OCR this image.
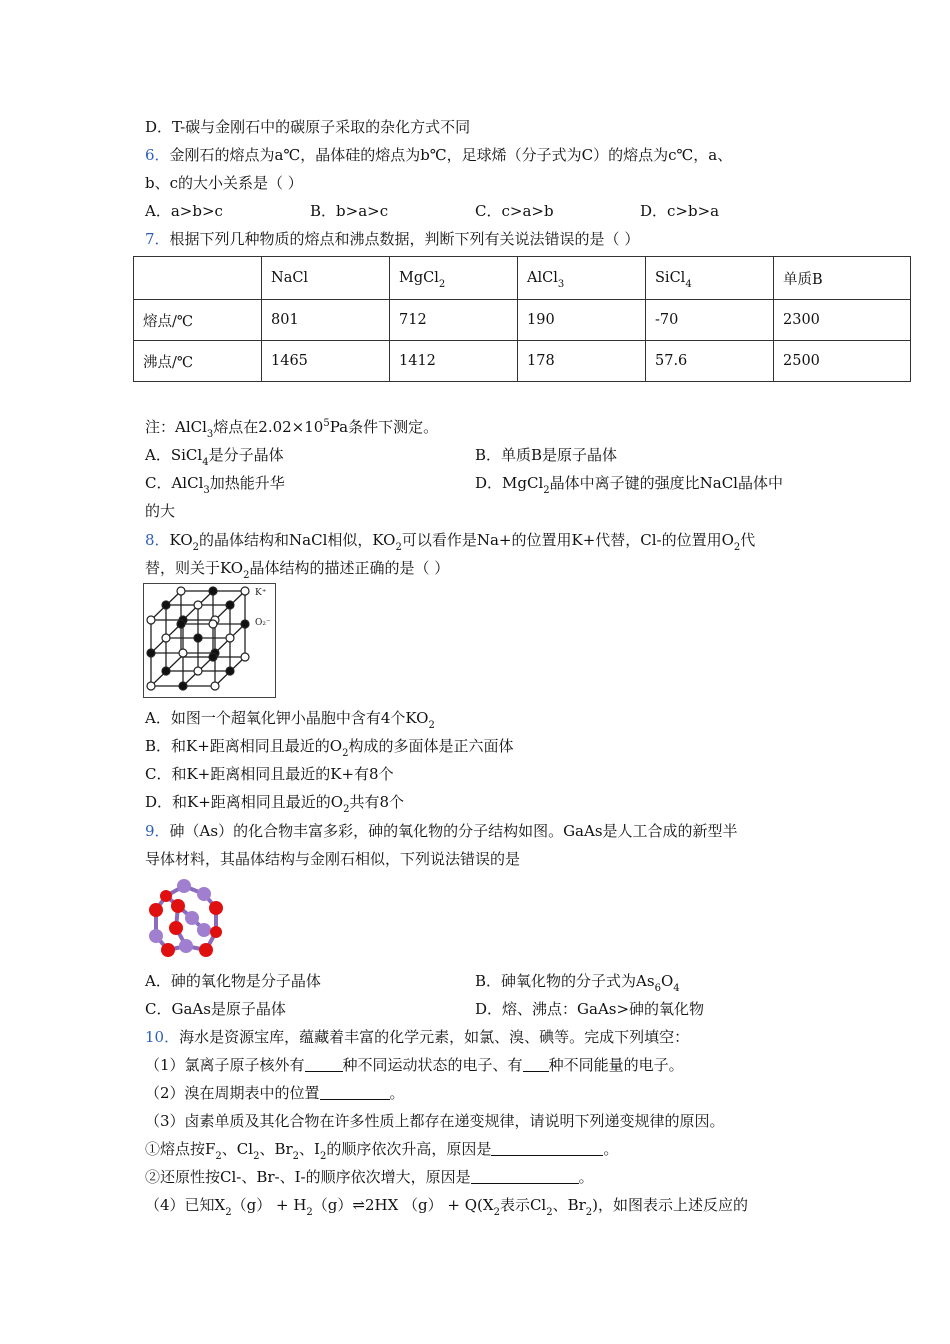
D．T-碳与金刚石中的碳原子采取的杂化方式不同
6．金刚石的熔点为a℃，晶体硅的熔点为b℃，足球烯（分子式为C）的熔点为c℃，a、
b、c的大小关系是（ ）
A．a>b>c	B．b>a>c	C．c>a>b	D．c>b>a
7．根据下列几种物质的熔点和沸点数据，判断下列有关说法错误的是（ ）
	NaCl	MgCl$_2$	AlCl$_3$	SiCl$_4$	单质B
熔点/℃	801	712	190	-70	2300
沸点/℃	1465	1412	178	57.6	2500
注：AlCl$_3$熔点在$2.02\times 10^5Pa$条件下测定。
A．SiCl$_4$是分子晶体	B．单质B是原子晶体
C．AlCl$_3$加热能升华	D．MgCl$_2$晶体中离子键的强度比NaCl晶体中
的大
8．$KO_2$的晶体结构和NaCl相似，$KO_2$可以看作是Na+的位置用K+代替，Cl-的位置用$O_2$代
替，则关于$KO_2$晶体结构的描述正确的是（ ）
K⁺
O₂⁻
A．如图一个超氧化钾小晶胞中含有4个$KO_2$
B．和K+距离相同且最近的$O_2$构成的多面体是正六面体
C．和K+距离相同且最近的K+有8个
D．和K+距离相同且最近的$O_2$共有8个
9．砷（As）的化合物丰富多彩，砷的氧化物的分子结构如图。GaAs是人工合成的新型半
导体材料，其晶体结构与金刚石相似，下列说法错误的是
A．砷的氧化物是分子晶体	B．砷氧化物的分子式为$As_6O_4$
C．GaAs是原子晶体	D．熔、沸点：GaAs>砷的氧化物
10．海水是资源宝库，蕴藏着丰富的化学元素，如氯、溴、碘等。完成下列填空：
（1）氯离子原子核外有	种不同运动状态的电子、有 种不同能量的电子。
（2）溴在周期表中的位置	。
（3）卤素单质及其化合物在许多性质上都存在递变规律，请说明下列递变规律的原因。
①熔点按$F_2$、$Cl_2$、$Br_2$、$I_2$的顺序依次升高，原因是	。
②还原性按Cl-、Br-、I-的顺序依次增大，原因是	。
（4）已知$X_2(g)$ + $H_2(g)\rightleftharpoons 2HX$ $(g) + Q(X_2$表示$Cl_2$、$Br_2$)，如图表示上述反应的
